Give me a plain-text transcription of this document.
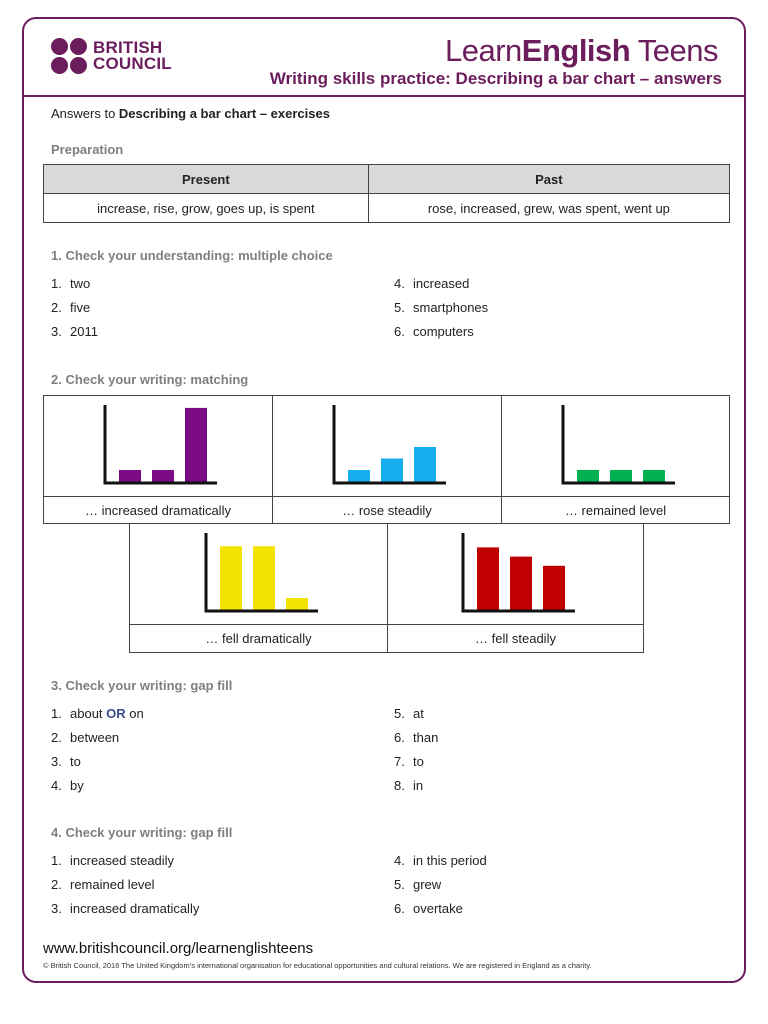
BRITISH
COUNCIL	LearnEnglish Teens
Writing skills practice: Describing a bar chart – answers
Answers to Describing a bar chart – exercises
Preparation
Present	Past
increase, rise, grow, goes up, is spent	rose, increased, grew, was spent, went up
1. Check your understanding: multiple choice
1. two
2. five
3. 2011
4. increased
5. smartphones
6. computers
2. Check your writing: matching
… increased dramatically	… rose steadily	… remained level
… fell dramatically	… fell steadily
3. Check your writing: gap fill
1. about OR on
2. between
3. to
4. by
5. at
6. than
7. to
8. in
4. Check your writing: gap fill
1. increased steadily
2. remained level
3. increased dramatically
4. in this period
5. grew
6. overtake
www.britishcouncil.org/learnenglishteens
© British Council, 2016 The United Kingdom’s international organisation for educational opportunities and cultural relations. We are registered in England as a charity.
